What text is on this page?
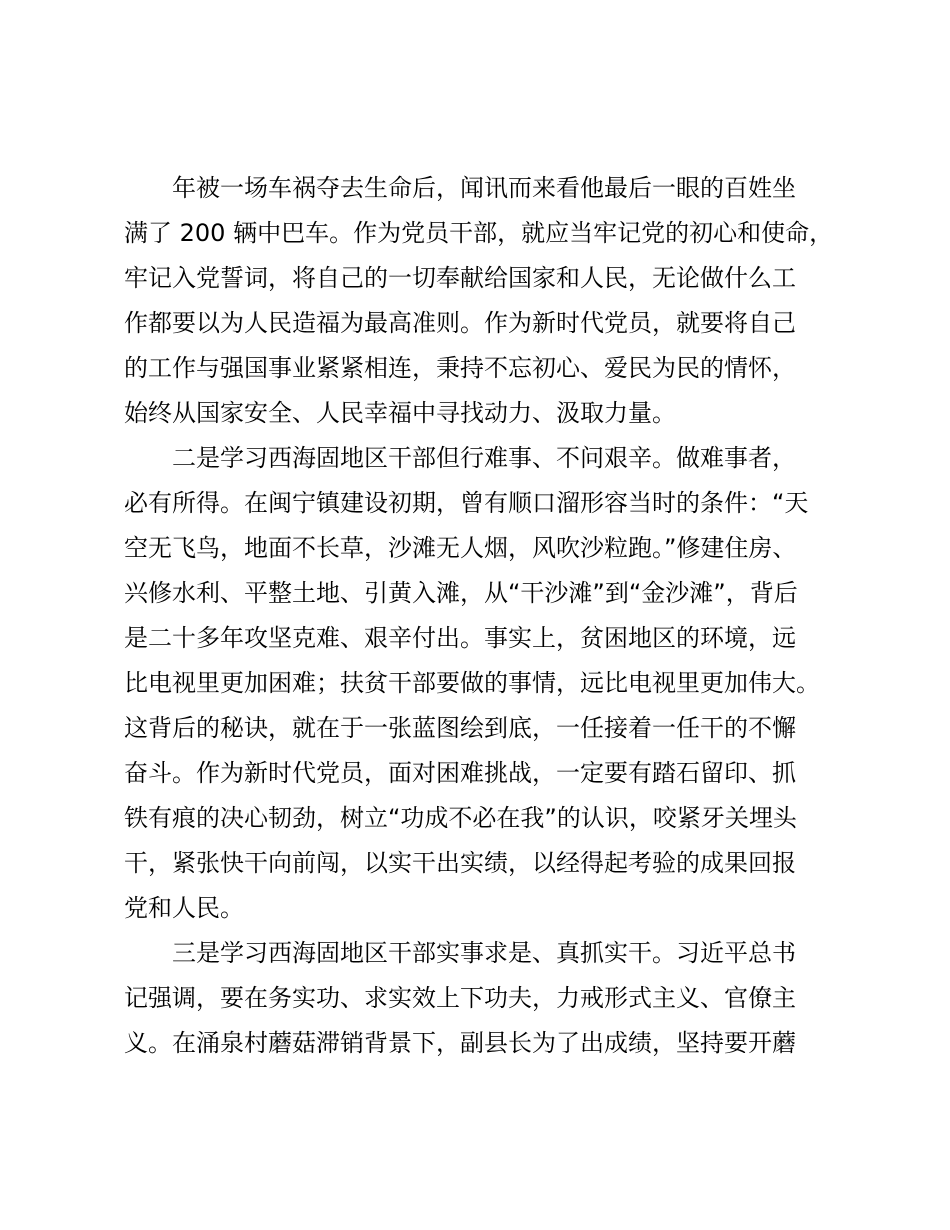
年被一场车祸夺去生命后，闻讯而来看他最后一眼的百姓坐
满了 200 辆中巴车。作为党员干部，就应当牢记党的初心和使命，
牢记入党誓词，将自己的一切奉献给国家和人民，无论做什么工
作都要以为人民造福为最高准则。作为新时代党员，就要将自己
的工作与强国事业紧紧相连，秉持不忘初心、爱民为民的情怀，
始终从国家安全、人民幸福中寻找动力、汲取力量。
二是学习西海固地区干部但行难事、不问艰辛。做难事者，
必有所得。在闽宁镇建设初期，曾有顺口溜形容当时的条件：“天
空无飞鸟，地面不长草，沙滩无人烟，风吹沙粒跑。”修建住房、
兴修水利、平整土地、引黄入滩，从“干沙滩”到“金沙滩”，背后
是二十多年攻坚克难、艰辛付出。事实上，贫困地区的环境，远
比电视里更加困难；扶贫干部要做的事情，远比电视里更加伟大。
这背后的秘诀，就在于一张蓝图绘到底，一任接着一任干的不懈
奋斗。作为新时代党员，面对困难挑战，一定要有踏石留印、抓
铁有痕的决心韧劲，树立“功成不必在我”的认识，咬紧牙关埋头
干，紧张快干向前闯，以实干出实绩，以经得起考验的成果回报
党和人民。
三是学习西海固地区干部实事求是、真抓实干。习近平总书
记强调，要在务实功、求实效上下功夫，力戒形式主义、官僚主
义。在涌泉村蘑菇滞销背景下，副县长为了出成绩，坚持要开蘑
